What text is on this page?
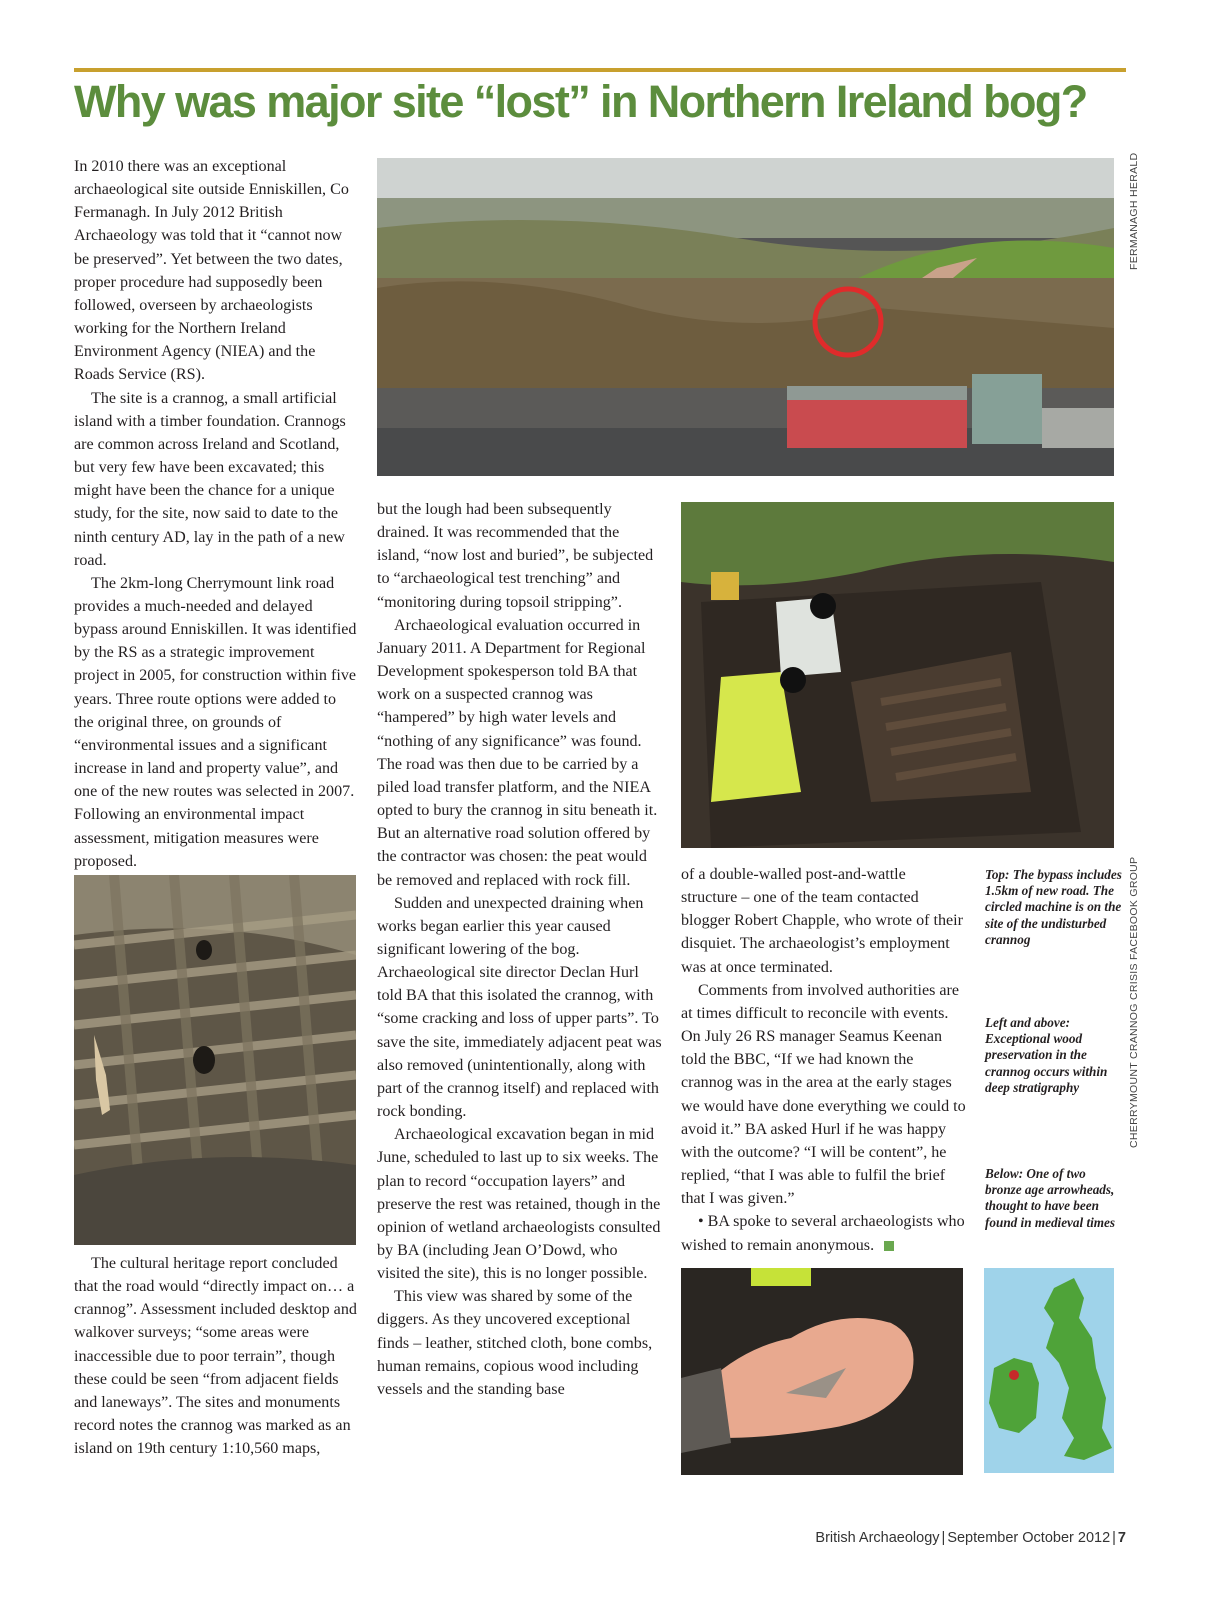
Why was major site “lost” in Northern Ireland bog?

In 2010 there was an exceptional archaeological site outside Enniskillen, Co Fermanagh. In July 2012 British Archaeology was told that it “cannot now be preserved”. Yet between the two dates, proper procedure had supposedly been followed, overseen by archaeologists working for the Northern Ireland Environment Agency (NIEA) and the Roads Service (RS).

The site is a crannog, a small artificial island with a timber foundation. Crannogs are common across Ireland and Scotland, but very few have been excavated; this might have been the chance for a unique study, for the site, now said to date to the ninth century AD, lay in the path of a new road.

The 2km-long Cherrymount link road provides a much-needed and delayed bypass around Enniskillen. It was identified by the RS as a strategic improvement project in 2005, for construction within five years. Three route options were added to the original three, on grounds of “environmental issues and a significant increase in land and property value”, and one of the new routes was selected in 2007. Following an environmental impact assessment, mitigation measures were proposed.

FERMANAGH HERALD

but the lough had been subsequently drained. It was recommended that the island, “now lost and buried”, be subjected to “archaeological test trenching” and “monitoring during topsoil stripping”.

Archaeological evaluation occurred in January 2011. A Department for Regional Development spokesperson told BA that work on a suspected crannog was “hampered” by high water levels and “nothing of any significance” was found. The road was then due to be carried by a piled load transfer platform, and the NIEA opted to bury the crannog in situ beneath it. But an alternative road solution offered by the contractor was chosen: the peat would be removed and replaced with rock fill.

Sudden and unexpected draining when works began earlier this year caused significant lowering of the bog. Archaeological site director Declan Hurl told BA that this isolated the crannog, with “some cracking and loss of upper parts”. To save the site, immediately adjacent peat was also removed (unintentionally, along with part of the crannog itself) and replaced with rock bonding.

Archaeological excavation began in mid June, scheduled to last up to six weeks. The plan to record “occupation layers” and preserve the rest was retained, though in the opinion of wetland archaeologists consulted by BA (including Jean O’Dowd, who visited the site), this is no longer possible.

This view was shared by some of the diggers. As they uncovered exceptional finds – leather, stitched cloth, bone combs, human remains, copious wood including vessels and the standing base

of a double-walled post-and-wattle structure – one of the team contacted blogger Robert Chapple, who wrote of their disquiet. The archaeologist’s employment was at once terminated.

Comments from involved authorities are at times difficult to reconcile with events. On July 26 RS manager Seamus Keenan told the BBC, “If we had known the crannog was in the area at the early stages we would have done everything we could to avoid it.” BA asked Hurl if he was happy with the outcome? “I will be content”, he replied, “that I was able to fulfil the brief that I was given.”

• BA spoke to several archaeologists who wished to remain anonymous.

Top: The bypass includes 1.5km of new road. The circled machine is on the site of the undisturbed crannog
Left and above: Exceptional wood preservation in the crannog occurs within deep stratigraphy
Below: One of two bronze age arrowheads, thought to have been found in medieval times
CHERRYMOUNT CRANNOG CRISIS FACEBOOK GROUP

The cultural heritage report concluded that the road would “directly impact on… a crannog”. Assessment included desktop and walkover surveys; “some areas were inaccessible due to poor terrain”, though these could be seen “from adjacent fields and laneways”. The sites and monuments record notes the crannog was marked as an island on 19th century 1:10,560 maps,

British Archaeology | September October 2012 | 7
